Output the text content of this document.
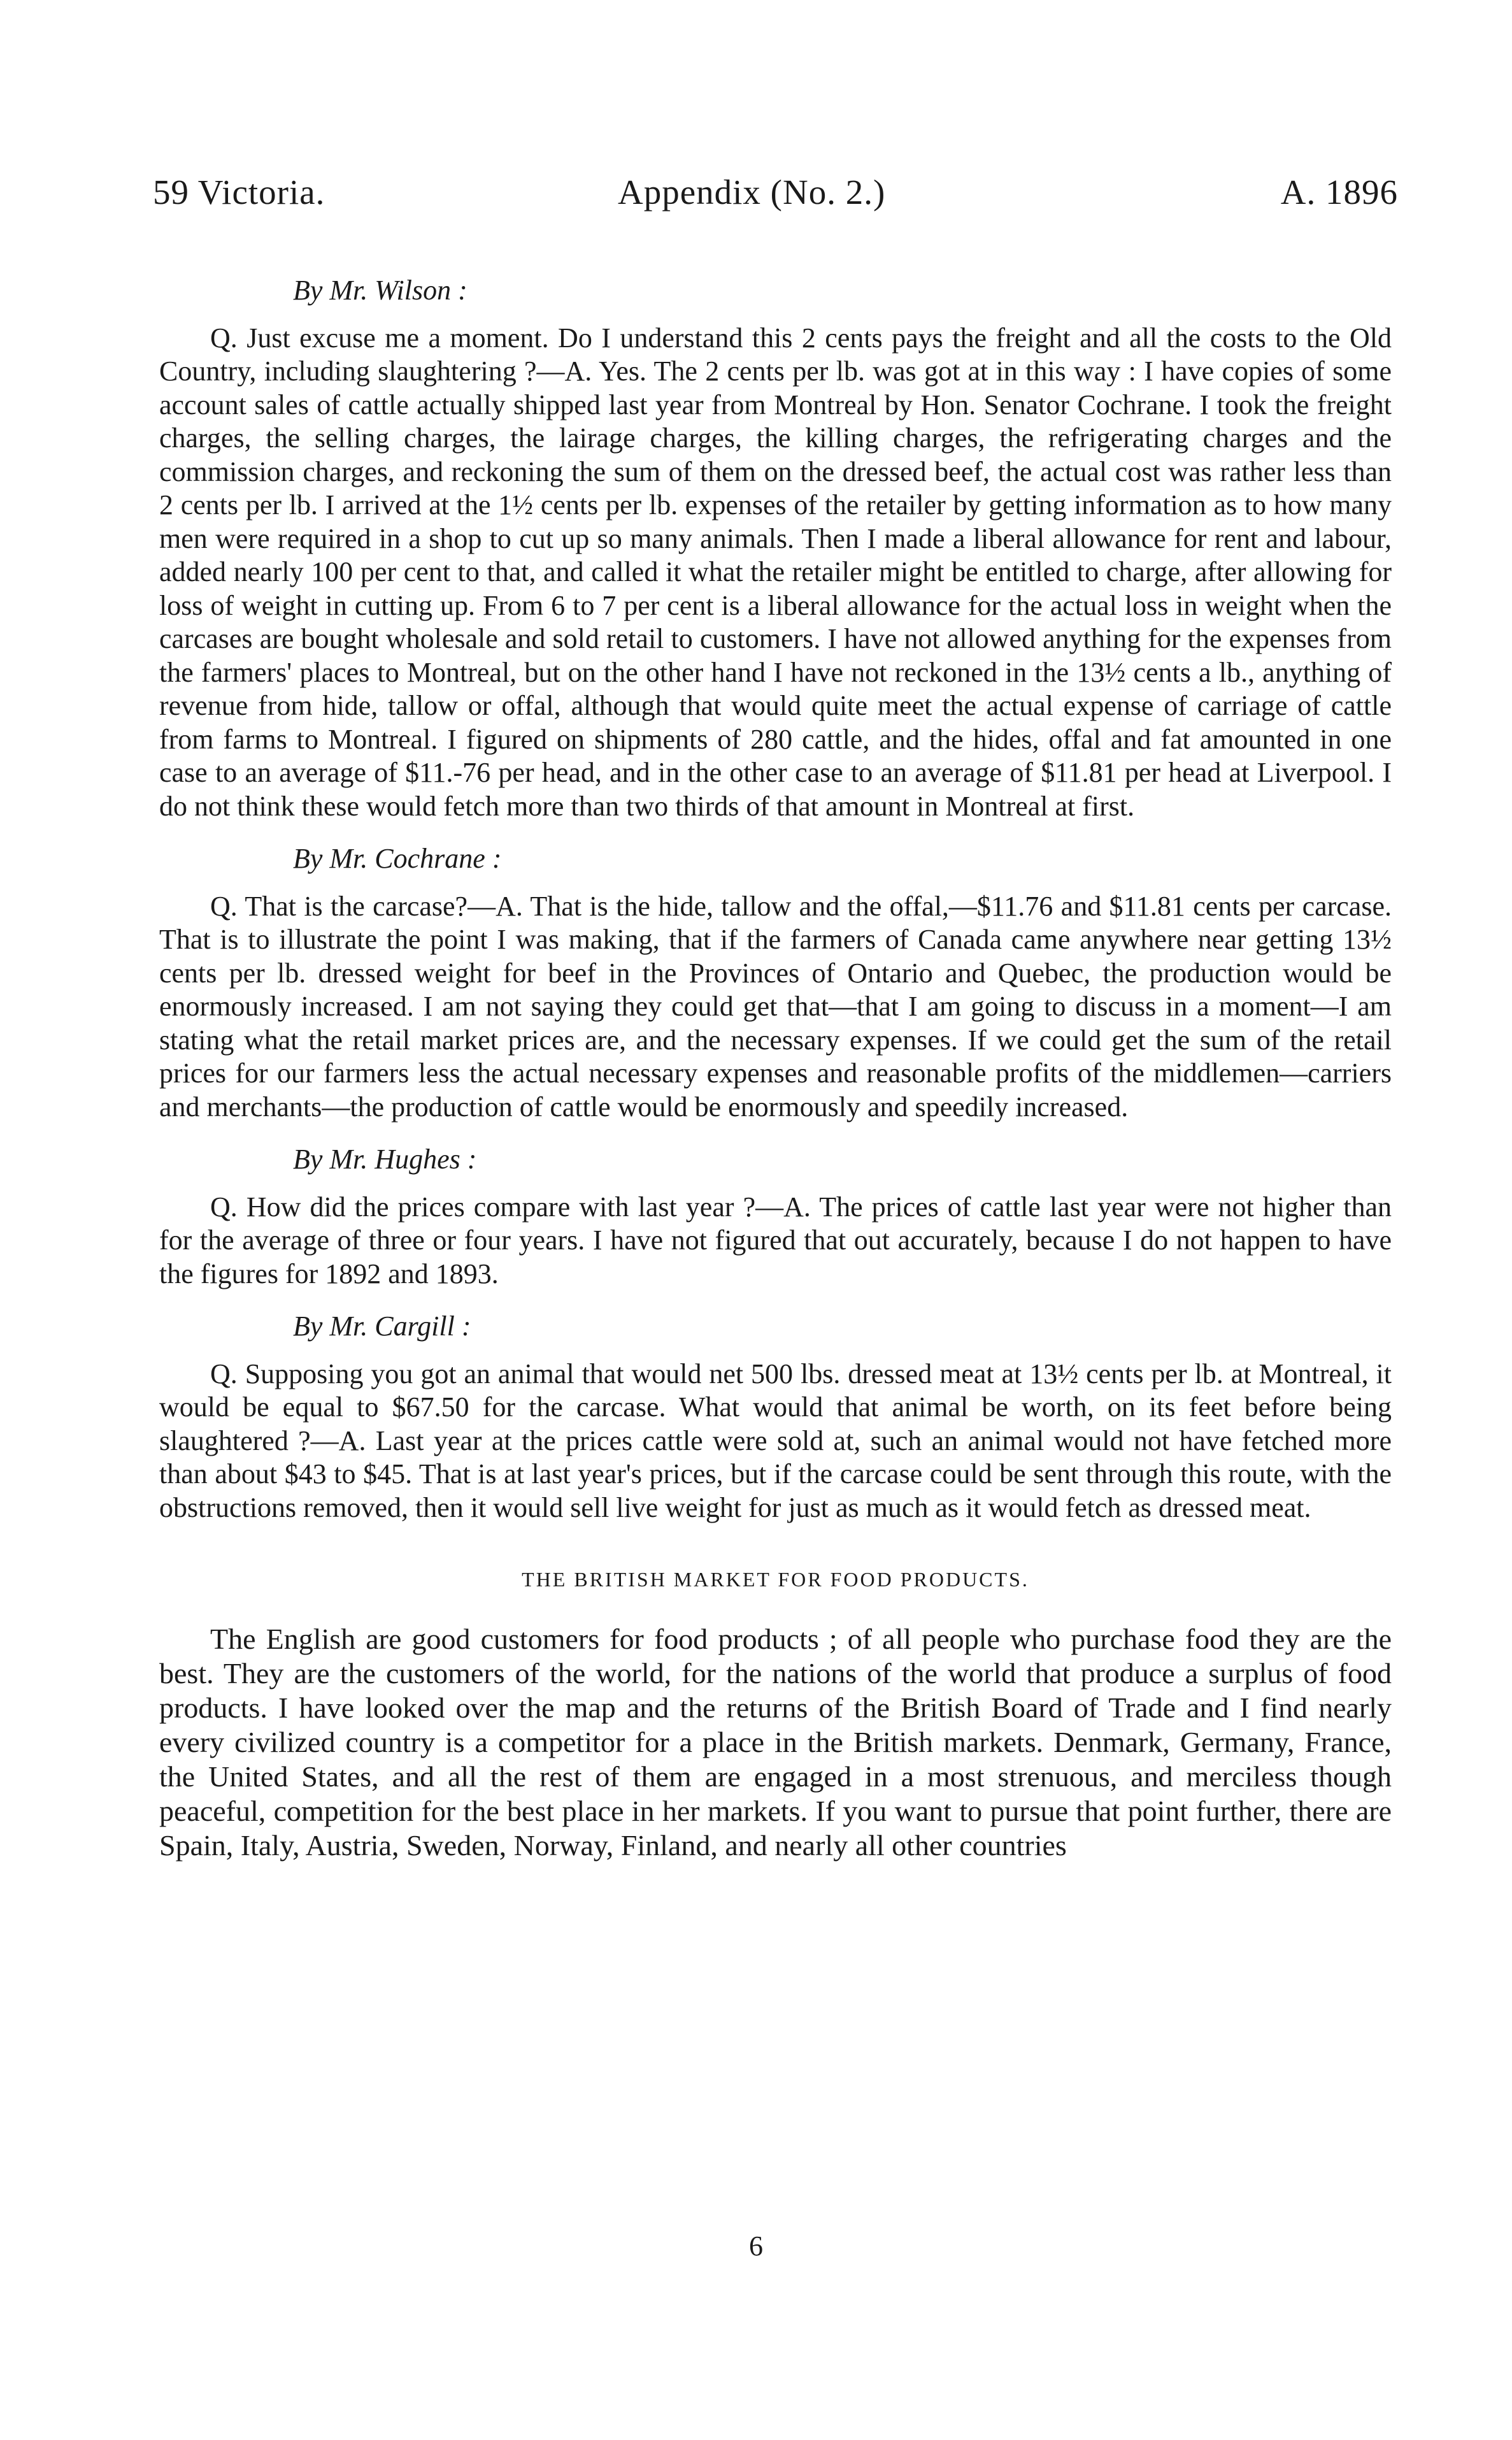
59 Victoria.	Appendix (No. 2.)	A. 1896
By Mr. Wilson :

Q. Just excuse me a moment. Do I understand this 2 cents pays the freight and all the costs to the Old Country, including slaughtering ?—A. Yes. The 2 cents per lb. was got at in this way : I have copies of some account sales of cattle actually shipped last year from Montreal by Hon. Senator Cochrane. I took the freight charges, the selling charges, the lairage charges, the killing charges, the refrigerating charges and the commission charges, and reckoning the sum of them on the dressed beef, the actual cost was rather less than 2 cents per lb. I arrived at the 1½ cents per lb. expenses of the retailer by getting information as to how many men were required in a shop to cut up so many animals. Then I made a liberal allowance for rent and labour, added nearly 100 per cent to that, and called it what the retailer might be entitled to charge, after allowing for loss of weight in cutting up. From 6 to 7 per cent is a liberal allowance for the actual loss in weight when the carcases are bought wholesale and sold retail to customers. I have not allowed anything for the expenses from the farmers' places to Montreal, but on the other hand I have not reckoned in the 13½ cents a lb., anything of revenue from hide, tallow or offal, although that would quite meet the actual expense of carriage of cattle from farms to Montreal. I figured on shipments of 280 cattle, and the hides, offal and fat amounted in one case to an average of $11.-76 per head, and in the other case to an average of $11.81 per head at Liverpool. I do not think these would fetch more than two thirds of that amount in Montreal at first.

By Mr. Cochrane :

Q. That is the carcase?—A. That is the hide, tallow and the offal,—$11.76 and $11.81 cents per carcase. That is to illustrate the point I was making, that if the farmers of Canada came anywhere near getting 13½ cents per lb. dressed weight for beef in the Provinces of Ontario and Quebec, the production would be enormously increased. I am not saying they could get that—that I am going to discuss in a moment—I am stating what the retail market prices are, and the necessary expenses. If we could get the sum of the retail prices for our farmers less the actual necessary expenses and reasonable profits of the middlemen—carriers and merchants—the production of cattle would be enormously and speedily increased.

By Mr. Hughes :

Q. How did the prices compare with last year ?—A. The prices of cattle last year were not higher than for the average of three or four years. I have not figured that out accurately, because I do not happen to have the figures for 1892 and 1893.

By Mr. Cargill :

Q. Supposing you got an animal that would net 500 lbs. dressed meat at 13½ cents per lb. at Montreal, it would be equal to $67.50 for the carcase. What would that animal be worth, on its feet before being slaughtered ?—A. Last year at the prices cattle were sold at, such an animal would not have fetched more than about $43 to $45. That is at last year's prices, but if the carcase could be sent through this route, with the obstructions removed, then it would sell live weight for just as much as it would fetch as dressed meat.

THE BRITISH MARKET FOR FOOD PRODUCTS.

The English are good customers for food products ; of all people who purchase food they are the best. They are the customers of the world, for the nations of the world that produce a surplus of food products. I have looked over the map and the returns of the British Board of Trade and I find nearly every civilized country is a competitor for a place in the British markets. Denmark, Germany, France, the United States, and all the rest of them are engaged in a most strenuous, and merciless though peaceful, competition for the best place in her markets. If you want to pursue that point further, there are Spain, Italy, Austria, Sweden, Norway, Finland, and nearly all other countries

6
